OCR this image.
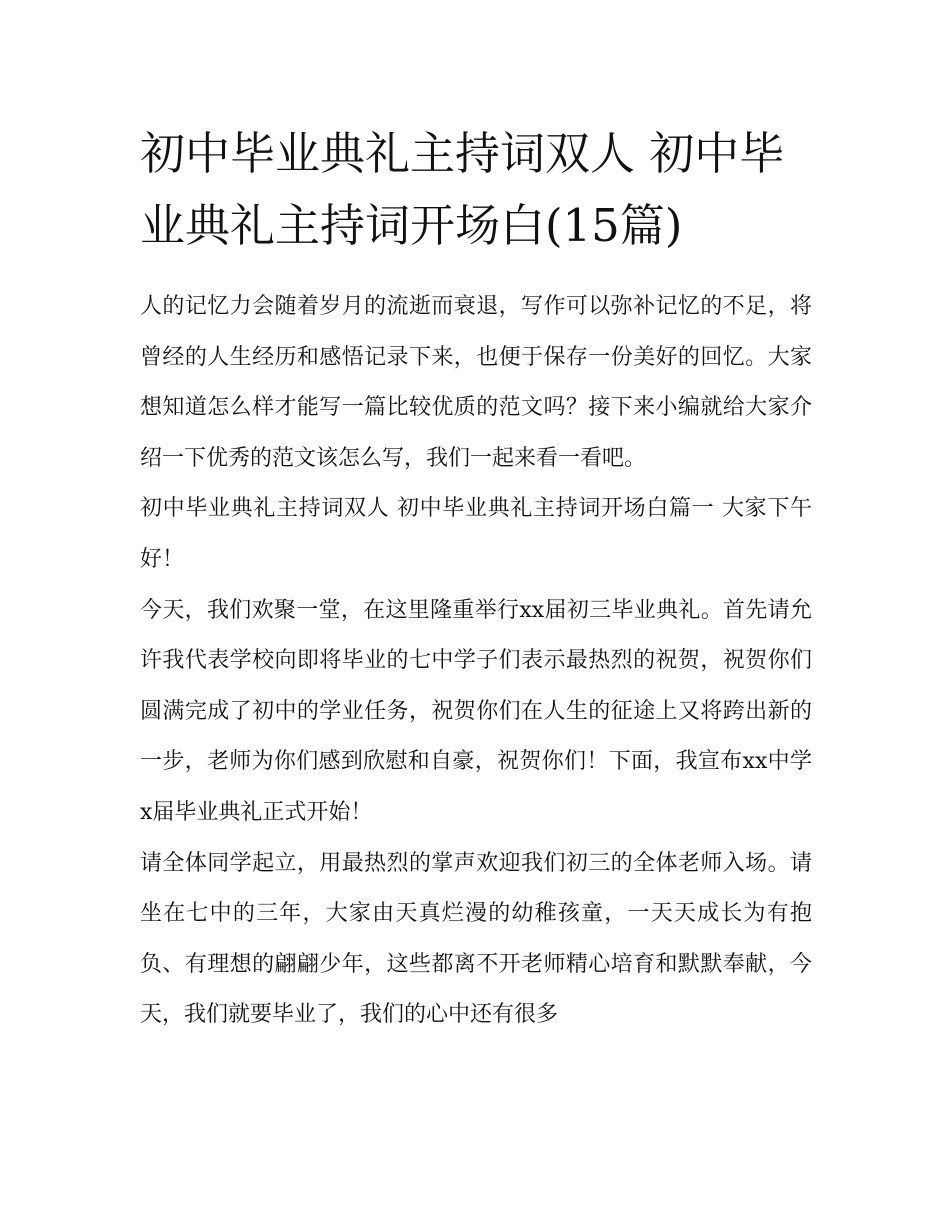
初中毕业典礼主持词双人 初中毕业典礼主持词开场白(15篇)

人的记忆力会随着岁月的流逝而衰退，写作可以弥补记忆的不足，将曾经的人生经历和感悟记录下来，也便于保存一份美好的回忆。大家想知道怎么样才能写一篇比较优质的范文吗？接下来小编就给大家介绍一下优秀的范文该怎么写，我们一起来看一看吧。

初中毕业典礼主持词双人 初中毕业典礼主持词开场白篇一 大家下午好！

今天，我们欢聚一堂，在这里隆重举行xx届初三毕业典礼。首先请允许我代表学校向即将毕业的七中学子们表示最热烈的祝贺，祝贺你们圆满完成了初中的学业任务，祝贺你们在人生的征途上又将跨出新的一步，老师为你们感到欣慰和自豪，祝贺你们！下面，我宣布xx中学x届毕业典礼正式开始！

请全体同学起立，用最热烈的掌声欢迎我们初三的全体老师入场。请坐在七中的三年，大家由天真烂漫的幼稚孩童，一天天成长为有抱负、有理想的翩翩少年，这些都离不开老师精心培育和默默奉献，今天，我们就要毕业了，我们的心中还有很多
